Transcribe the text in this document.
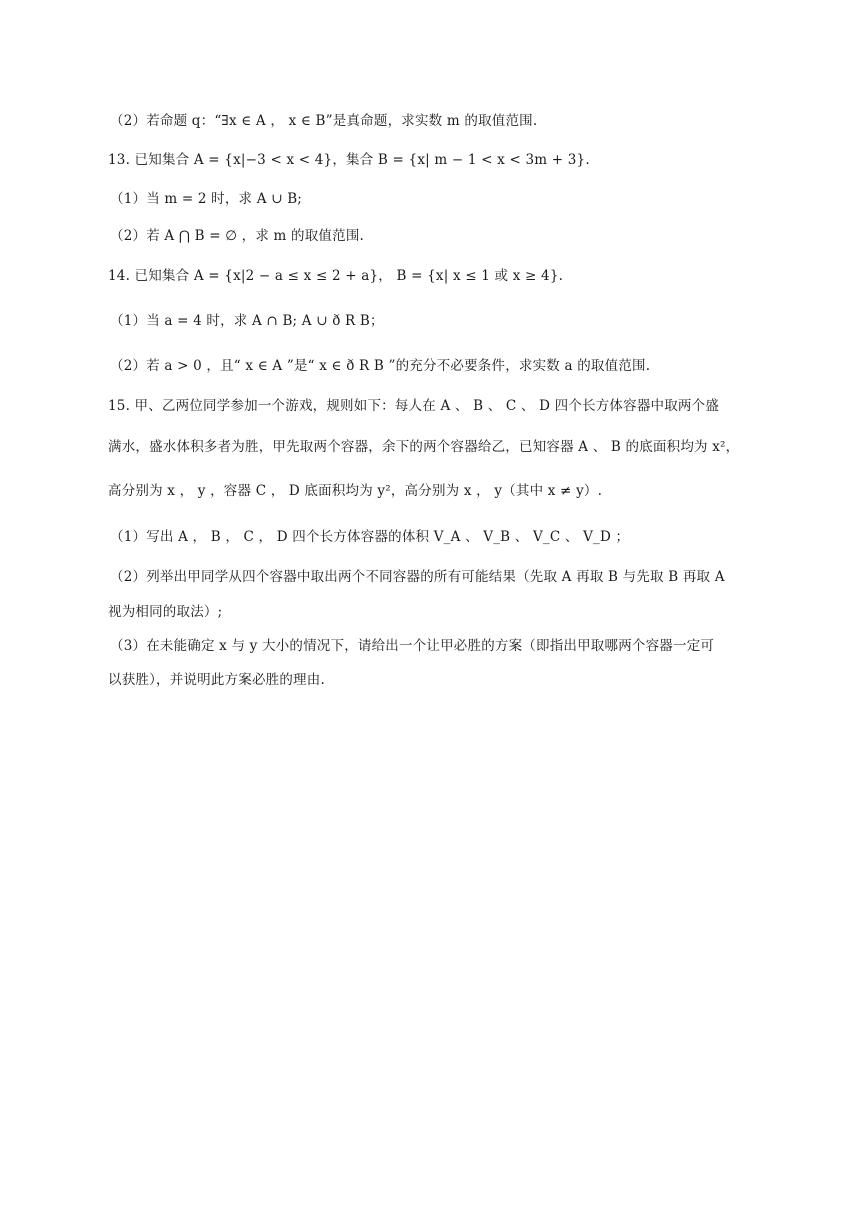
（2）若命题 q：“∃x ∈ A ， x ∈ B”是真命题，求实数 m 的取值范围.
13. 已知集合 A = {x|−3 < x < 4}，集合 B = {x| m − 1 < x < 3m + 3}.
（1）当 m = 2 时，求 A ∪ B;
（2）若 A ⋂ B = ∅ ，求 m 的取值范围.
14. 已知集合 A = {x|2 − a ≤ x ≤ 2 + a}， B = {x| x ≤ 1 或 x ≥ 4}.
（1）当 a = 4 时，求 A ∩ B; A ∪ ð R B；
（2）若 a > 0 ，且“ x ∈ A ”是“ x ∈ ð R B ”的充分不必要条件，求实数 a 的取值范围.
15. 甲、乙两位同学参加一个游戏，规则如下：每人在 A 、 B 、 C 、 D 四个长方体容器中取两个盛
满水，盛水体积多者为胜，甲先取两个容器，余下的两个容器给乙，已知容器 A 、 B 的底面积均为 x²，
高分别为 x ， y ，容器 C ， D 底面积均为 y²，高分别为 x ， y（其中 x ≠ y）.
（1）写出 A ， B ， C ， D 四个长方体容器的体积 V_A 、 V_B 、 V_C 、 V_D ；
（2）列举出甲同学从四个容器中取出两个不同容器的所有可能结果（先取 A 再取 B 与先取 B 再取 A
视为相同的取法）;
（3）在未能确定 x 与 y 大小的情况下，请给出一个让甲必胜的方案（即指出甲取哪两个容器一定可
以获胜），并说明此方案必胜的理由.
